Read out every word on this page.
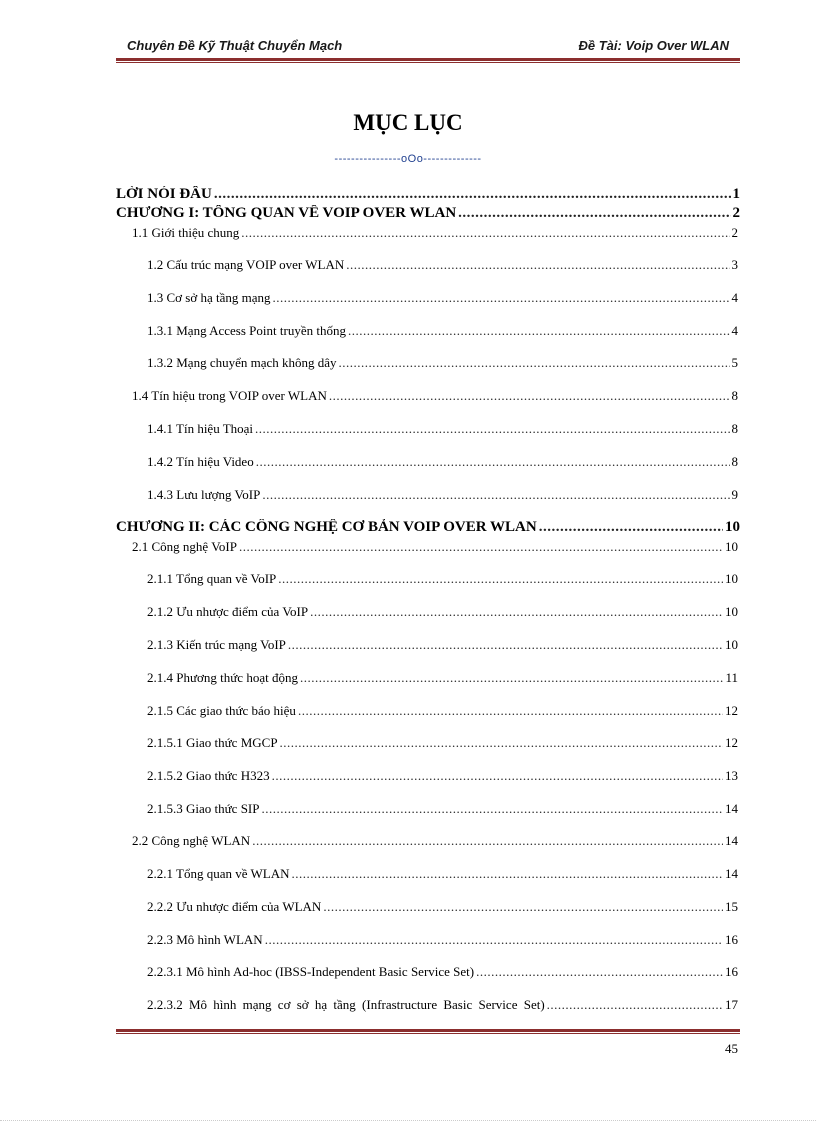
Chuyên Đề Kỹ Thuật Chuyển Mạch	Đề Tài: Voip Over WLAN
MỤC LỤC
----------------oOo--------------
LỜI NÓI ĐẦU .....	1
CHƯƠNG I: TỔNG QUAN VỀ VOIP OVER WLAN .....	2
1.1 Giới thiệu chung .....	2
1.2 Cấu trúc mạng VOIP over WLAN .....	3
1.3 Cơ sở hạ tầng mạng .....	4
1.3.1 Mạng Access Point truyền thống .....	4
1.3.2 Mạng chuyển mạch không dây .....	5
1.4 Tín hiệu trong VOIP over WLAN .....	8
1.4.1 Tín hiệu Thoại .....	8
1.4.2 Tín hiệu Video .....	8
1.4.3 Lưu lượng VoIP .....	9
CHƯƠNG II: CÁC CÔNG NGHỆ CƠ BẢN VOIP OVER WLAN .....	10
2.1 Công nghệ VoIP .....	10
2.1.1 Tổng quan về VoIP .....	10
2.1.2 Ưu nhược điểm của VoIP .....	10
2.1.3 Kiến trúc mạng VoIP .....	10
2.1.4 Phương thức hoạt động .....	11
2.1.5 Các giao thức báo hiệu .....	12
2.1.5.1 Giao thức MGCP .....	12
2.1.5.2 Giao thức H323 .....	13
2.1.5.3 Giao thức SIP .....	14
2.2 Công nghệ WLAN .....	14
2.2.1 Tổng quan về WLAN .....	14
2.2.2 Ưu nhược điểm của WLAN .....	15
2.2.3 Mô hình WLAN .....	16
2.2.3.1 Mô hình Ad-hoc (IBSS-Independent Basic Service Set) .....	16
2.2.3.2 Mô hình mạng cơ sở hạ tầng (Infrastructure Basic Service Set) .....	17
45
